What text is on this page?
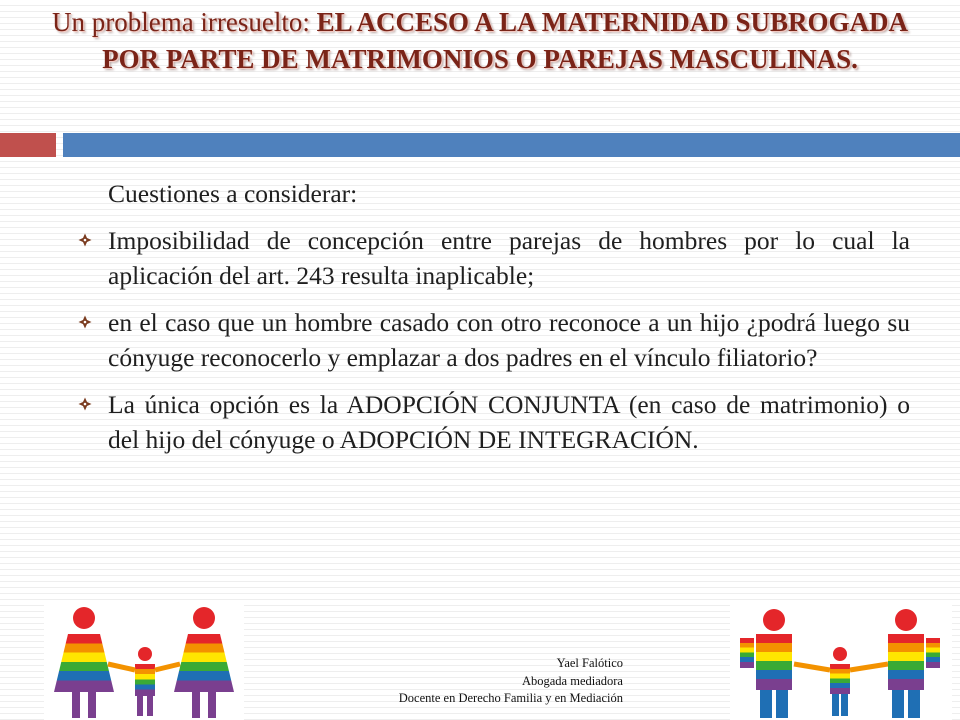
Un problema irresuelto: EL ACCESO A LA MATERNIDAD SUBROGADA POR PARTE DE MATRIMONIOS O PAREJAS MASCULINAS.
Cuestiones a considerar:
Imposibilidad de concepción entre parejas de hombres por lo cual la aplicación del art. 243 resulta inaplicable;
en el caso que un hombre casado con otro reconoce a un hijo ¿podrá luego su cónyuge reconocerlo y emplazar a dos padres en el vínculo filiatorio?
La única opción es la ADOPCIÓN CONJUNTA (en caso de matrimonio) o del hijo del cónyuge o ADOPCIÓN DE INTEGRACIÓN.
Yael Falótico
Abogada mediadora
Docente en Derecho Familia y en Mediación
